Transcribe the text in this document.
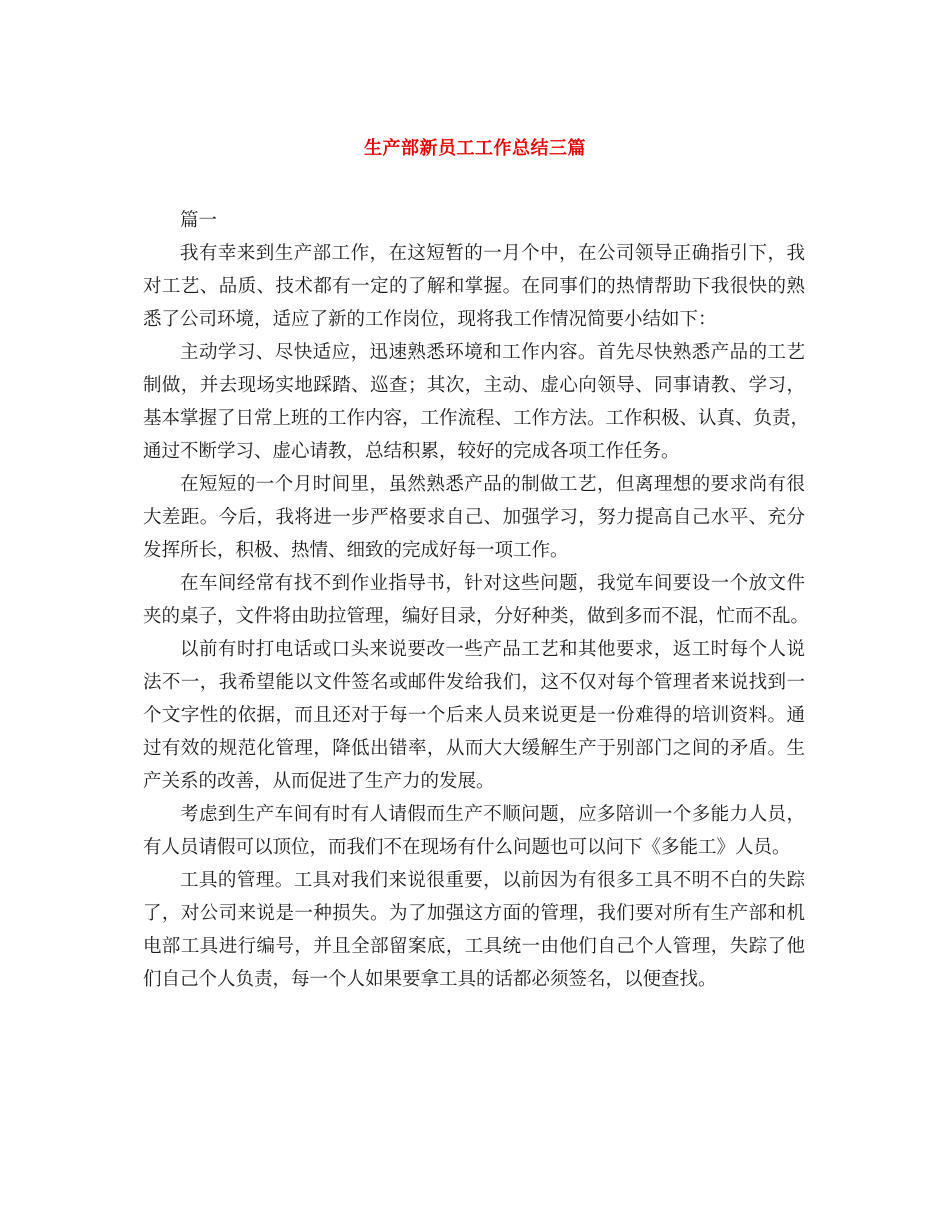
生产部新员工工作总结三篇
篇一
我有幸来到生产部工作，在这短暂的一月个中，在公司领导正确指引下，我
对工艺、品质、技术都有一定的了解和掌握。在同事们的热情帮助下我很快的熟
悉了公司环境，适应了新的工作岗位，现将我工作情况简要小结如下：
主动学习、尽快适应，迅速熟悉环境和工作内容。首先尽快熟悉产品的工艺
制做，并去现场实地踩踏、巡查；其次，主动、虚心向领导、同事请教、学习，
基本掌握了日常上班的工作内容，工作流程、工作方法。工作积极、认真、负责，
通过不断学习、虚心请教，总结积累，较好的完成各项工作任务。
在短短的一个月时间里，虽然熟悉产品的制做工艺，但离理想的要求尚有很
大差距。今后，我将进一步严格要求自己、加强学习，努力提高自己水平、充分
发挥所长，积极、热情、细致的完成好每一项工作。
在车间经常有找不到作业指导书，针对这些问题，我觉车间要设一个放文件
夹的桌子，文件将由助拉管理，编好目录，分好种类，做到多而不混，忙而不乱。
以前有时打电话或口头来说要改一些产品工艺和其他要求，返工时每个人说
法不一，我希望能以文件签名或邮件发给我们，这不仅对每个管理者来说找到一
个文字性的依据，而且还对于每一个后来人员来说更是一份难得的培训资料。通
过有效的规范化管理，降低出错率，从而大大缓解生产于别部门之间的矛盾。生
产关系的改善，从而促进了生产力的发展。
考虑到生产车间有时有人请假而生产不顺问题，应多陪训一个多能力人员，
有人员请假可以顶位，而我们不在现场有什么问题也可以问下《多能工》人员。
工具的管理。工具对我们来说很重要，以前因为有很多工具不明不白的失踪
了，对公司来说是一种损失。为了加强这方面的管理，我们要对所有生产部和机
电部工具进行编号，并且全部留案底，工具统一由他们自己个人管理，失踪了他
们自己个人负责，每一个人如果要拿工具的话都必须签名，以便查找。
